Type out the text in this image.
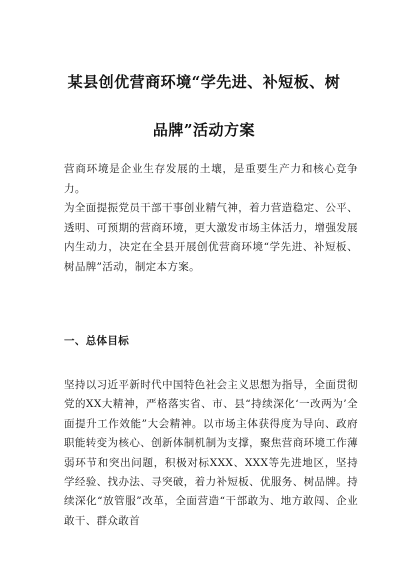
某县创优营商环境“学先进、补短板、树
品牌”活动方案

营商环境是企业生存发展的土壤，是重要生产力和核心竞争力。

为全面提振党员干部干事创业精气神，着力营造稳定、公平、透明、可预期的营商环境，更大激发市场主体活力，增强发展内生动力，决定在全县开展创优营商环境“学先进、补短板、树品牌”活动，制定本方案。

一、总体目标

坚持以习近平新时代中国特色社会主义思想为指导，全面贯彻党的XX大精神，严格落实省、市、县“持续深化‘一改两为’全面提升工作效能”大会精神。以市场主体获得度为导向、政府职能转变为核心、创新体制机制为支撑，聚焦营商环境工作薄弱环节和突出问题，积极对标XXX、XXX等先进地区，坚持学经验、找办法、寻突破，着力补短板、优服务、树品牌。持续深化“放管服”改革，全面营造“干部敢为、地方敢闯、企业敢干、群众敢首
